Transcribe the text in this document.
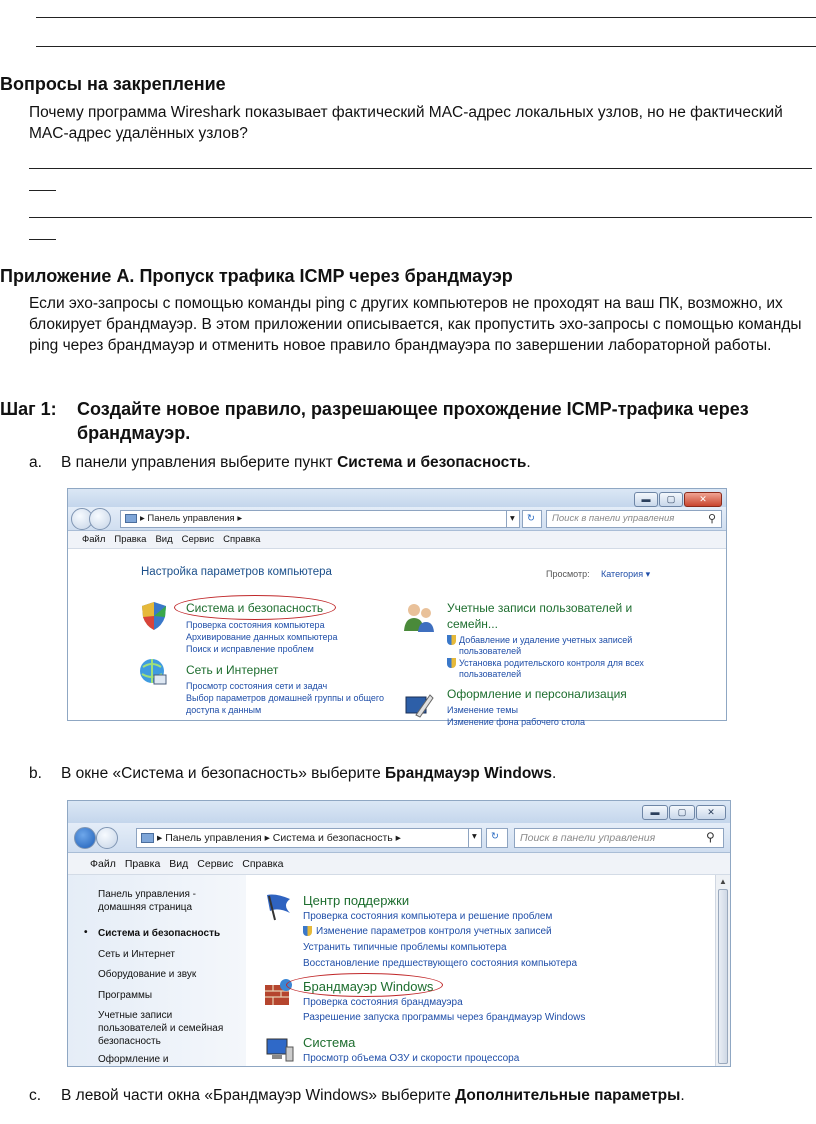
Вопросы на закрепление
Почему программа Wireshark показывает фактический MAC-адрес локальных узлов, но не фактический MAC-адрес удалённых узлов?
Приложение А. Пропуск трафика ICMP через брандмауэр
Если эхо-запросы с помощью команды ping с других компьютеров не проходят на ваш ПК, возможно, их блокирует брандмауэр. В этом приложении описывается, как пропустить эхо-запросы с помощью команды ping через брандмауэр и отменить новое правило брандмауэра по завершении лабораторной работы.
Шаг 1: Создайте новое правило, разрешающее прохождение ICMP-трафика через брандмауэр.
a. В панели управления выберите пункт Система и безопасность.
▬	▢	✕
▸ Панель управления ▸	▾	↻	Поиск в панели управления	⚲
Файл Правка Вид Сервис Справка
Настройка параметров компьютера	Просмотр: Категория ▾
Система и безопасность
Проверка состояния компьютера
Архивирование данных компьютера
Поиск и исправление проблем
Сеть и Интернет
Просмотр состояния сети и задач
Выбор параметров домашней группы и общего
доступа к данным
Учетные записи пользователей и
семейн...
Добавление и удаление учетных записей
пользователей
Установка родительского контроля для всех
пользователей
Оформление и персонализация
Изменение темы
Изменение фона рабочего стола
b. В окне «Система и безопасность» выберите Брандмауэр Windows.
▬	▢	✕
▸ Панель управления ▸ Система и безопасность ▸	▾	↻	Поиск в панели управления	⚲
Файл Правка Вид Сервис Справка
Панель управления -
домашняя страница
• Система и безопасность
Сеть и Интернет
Оборудование и звук
Программы
Учетные записи
пользователей и семейная
безопасность
Оформление и
Центр поддержки
Проверка состояния компьютера и решение проблем
Изменение параметров контроля учетных записей
Устранить типичные проблемы компьютера
Восстановление предшествующего состояния компьютера
Брандмауэр Windows
Проверка состояния брандмауэра
Разрешение запуска программы через брандмауэр Windows
Система
Просмотр объема ОЗУ и скорости процессора
▲
c. В левой части окна «Брандмауэр Windows» выберите Дополнительные параметры.
